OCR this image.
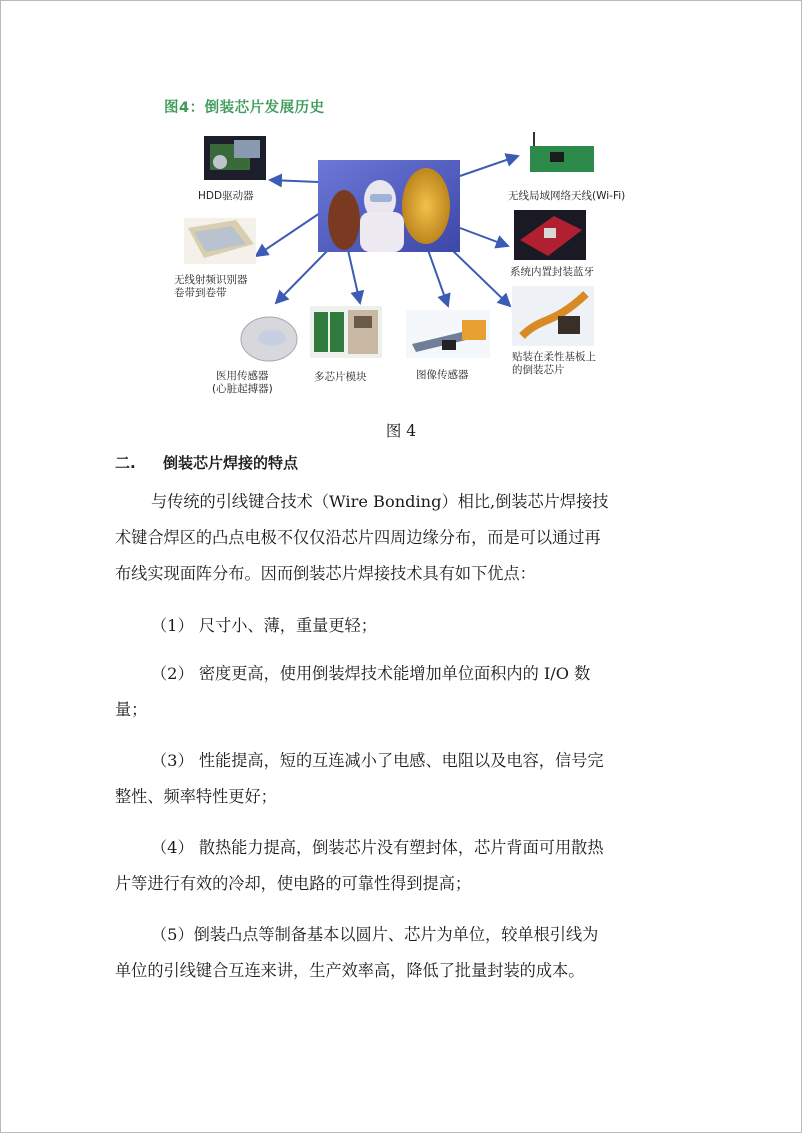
图4：倒装芯片发展历史
HDD驱动器
无线射频识别器
卷带到卷带
医用传感器
(心脏起搏器)
多芯片模块	图像传感器
无线局域网络天线(Wi-Fi)
系统内置封装蓝牙
贴装在柔性基板上
的倒装芯片
图 4
二. 倒装芯片焊接的特点
与传统的引线键合技术（Wire Bonding）相比,倒装芯片焊接技
术键合焊区的凸点电极不仅仅沿芯片四周边缘分布，而是可以通过再
布线实现面阵分布。因而倒装芯片焊接技术具有如下优点：
（1） 尺寸小、薄，重量更轻；
（2） 密度更高，使用倒装焊技术能增加单位面积内的 I/O 数
量；
（3） 性能提高，短的互连减小了电感、电阻以及电容，信号完
整性、频率特性更好；
（4） 散热能力提高，倒装芯片没有塑封体，芯片背面可用散热
片等进行有效的冷却，使电路的可靠性得到提高；
（5）倒装凸点等制备基本以圆片、芯片为单位，较单根引线为
单位的引线键合互连来讲，生产效率高，降低了批量封装的成本。
